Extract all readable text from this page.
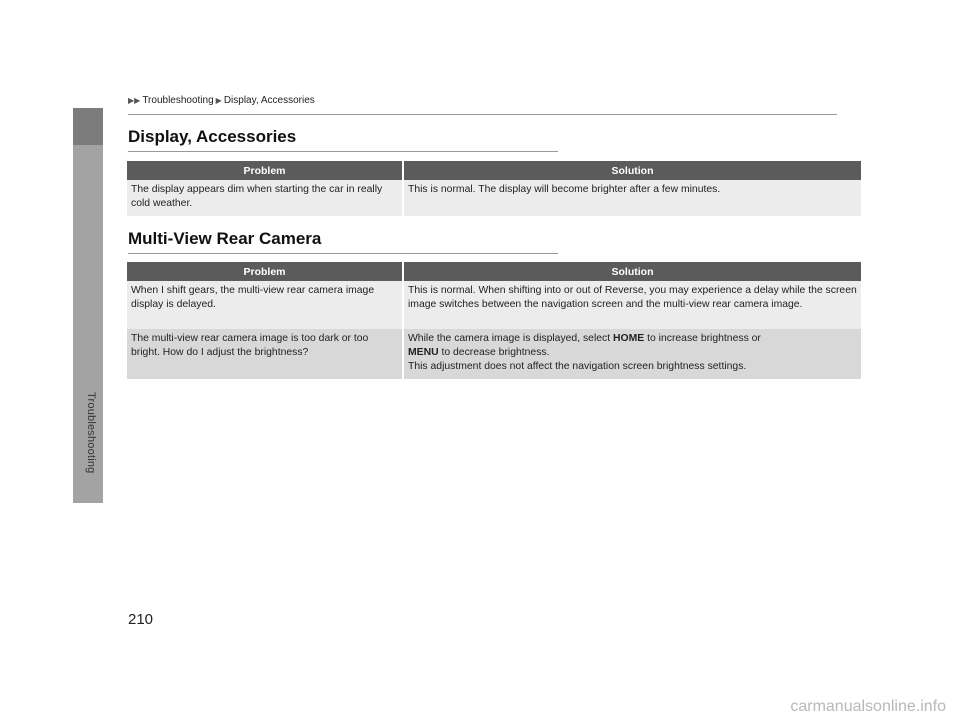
Troubleshooting
▶▶ Troubleshooting ▶ Display, Accessories
Display, Accessories
Problem	Solution
The display appears dim when starting the car in really cold weather.	This is normal. The display will become brighter after a few minutes.
Multi-View Rear Camera
Problem	Solution
When I shift gears, the multi-view rear camera image display is delayed.	This is normal. When shifting into or out of Reverse, you may experience a delay while the screen image switches between the navigation screen and the multi-view rear camera image.
The multi-view rear camera image is too dark or too bright. How do I adjust the brightness?	While the camera image is displayed, select HOME to increase brightness or
MENU to decrease brightness.
This adjustment does not affect the navigation screen brightness settings.
210
carmanualsonline.info
